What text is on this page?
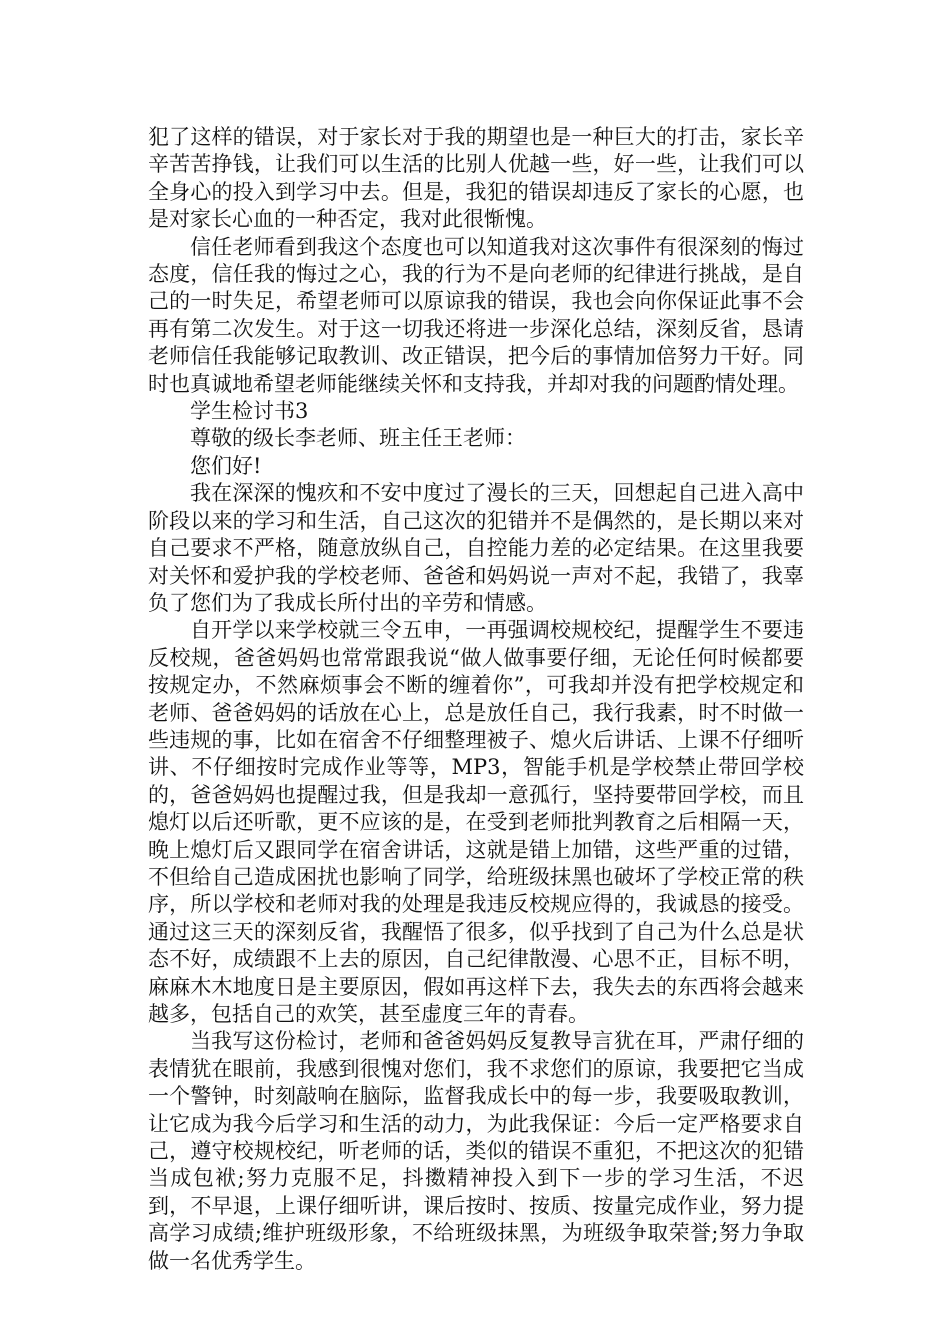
犯了这样的错误，对于家长对于我的期望也是一种巨大的打击，家长辛辛苦苦挣钱，让我们可以生活的比别人优越一些，好一些，让我们可以全身心的投入到学习中去。但是，我犯的错误却违反了家长的心愿，也是对家长心血的一种否定，我对此很惭愧。

信任老师看到我这个态度也可以知道我对这次事件有很深刻的悔过态度，信任我的悔过之心，我的行为不是向老师的纪律进行挑战，是自己的一时失足，希望老师可以原谅我的错误，我也会向你保证此事不会再有第二次发生。对于这一切我还将进一步深化总结，深刻反省，恳请老师信任我能够记取教训、改正错误，把今后的事情加倍努力干好。同时也真诚地希望老师能继续关怀和支持我，并却对我的问题酌情处理。

学生检讨书3

尊敬的级长李老师、班主任王老师：

您们好!

我在深深的愧疚和不安中度过了漫长的三天，回想起自己进入高中阶段以来的学习和生活，自己这次的犯错并不是偶然的，是长期以来对自己要求不严格，随意放纵自己，自控能力差的必定结果。在这里我要对关怀和爱护我的学校老师、爸爸和妈妈说一声对不起，我错了，我辜负了您们为了我成长所付出的辛劳和情感。

自开学以来学校就三令五申，一再强调校规校纪，提醒学生不要违反校规，爸爸妈妈也常常跟我说“做人做事要仔细，无论任何时候都要按规定办，不然麻烦事会不断的缠着你”，可我却并没有把学校规定和老师、爸爸妈妈的话放在心上，总是放任自己，我行我素，时不时做一些违规的事，比如在宿舍不仔细整理被子、熄火后讲话、上课不仔细听讲、不仔细按时完成作业等等，MP3，智能手机是学校禁止带回学校的，爸爸妈妈也提醒过我，但是我却一意孤行，坚持要带回学校，而且熄灯以后还听歌，更不应该的是，在受到老师批判教育之后相隔一天，晚上熄灯后又跟同学在宿舍讲话，这就是错上加错，这些严重的过错，不但给自己造成困扰也影响了同学，给班级抹黑也破坏了学校正常的秩序，所以学校和老师对我的处理是我违反校规应得的，我诚恳的接受。通过这三天的深刻反省，我醒悟了很多，似乎找到了自己为什么总是状态不好，成绩跟不上去的原因，自己纪律散漫、心思不正，目标不明，麻麻木木地度日是主要原因，假如再这样下去，我失去的东西将会越来越多，包括自己的欢笑，甚至虚度三年的青春。

当我写这份检讨，老师和爸爸妈妈反复教导言犹在耳，严肃仔细的表情犹在眼前，我感到很愧对您们，我不求您们的原谅，我要把它当成一个警钟，时刻敲响在脑际，监督我成长中的每一步，我要吸取教训，让它成为我今后学习和生活的动力，为此我保证：今后一定严格要求自己，遵守校规校纪，听老师的话，类似的错误不重犯，不把这次的犯错当成包袱;努力克服不足，抖擞精神投入到下一步的学习生活，不迟到，不早退，上课仔细听讲，课后按时、按质、按量完成作业，努力提高学习成绩;维护班级形象，不给班级抹黑，为班级争取荣誉;努力争取做一名优秀学生。
